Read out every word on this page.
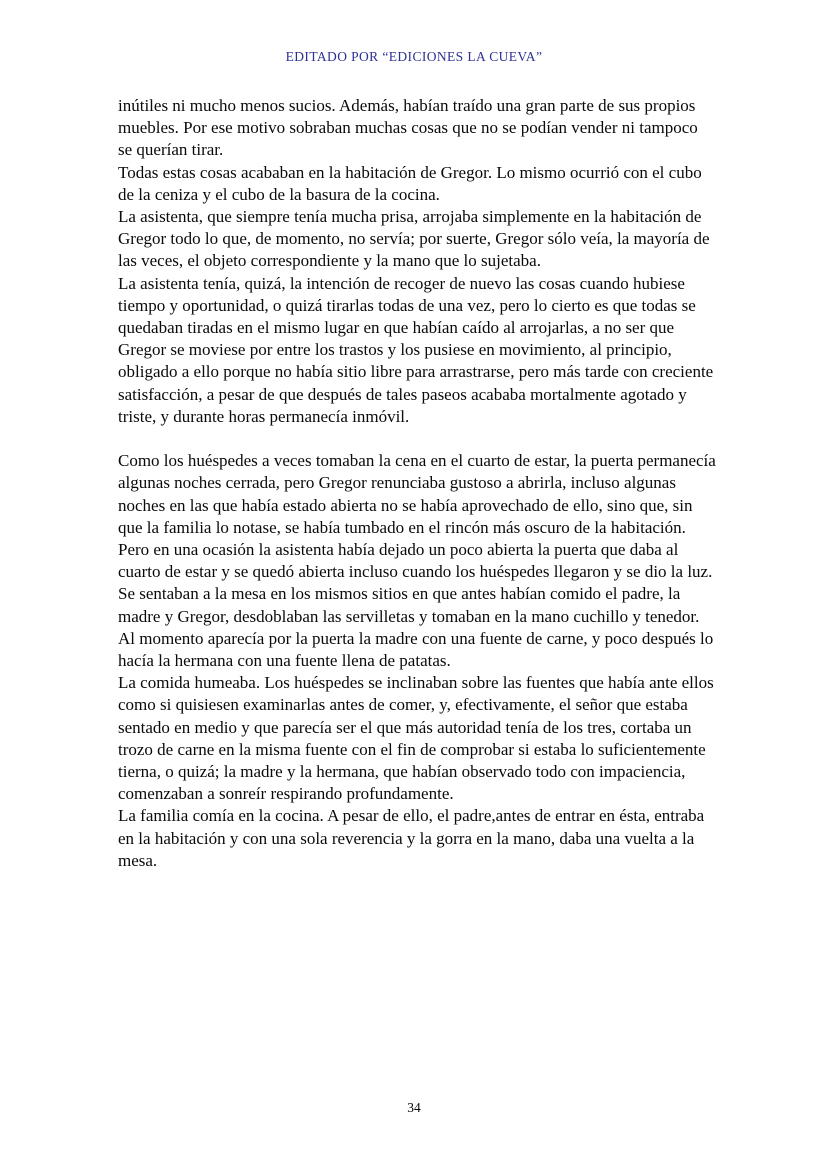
EDITADO POR “EDICIONES LA CUEVA”

inútiles ni mucho menos sucios. Además, habían traído una gran parte de sus propios muebles. Por ese motivo sobraban muchas cosas que no se podían vender ni tampoco se querían tirar.

Todas estas cosas acababan en la habitación de Gregor. Lo mismo ocurrió con el cubo de la ceniza y el cubo de la basura de la cocina.

La asistenta, que siempre tenía mucha prisa, arrojaba simplemente en la habitación de Gregor todo lo que, de momento, no servía; por suerte, Gregor sólo veía, la mayoría de las veces, el objeto correspondiente y la mano que lo sujetaba.

La asistenta tenía, quizá, la intención de recoger de nuevo las cosas cuando hubiese tiempo y oportunidad, o quizá tirarlas todas de una vez, pero lo cierto es que todas se quedaban tiradas en el mismo lugar en que habían caído al arrojarlas, a no ser que Gregor se moviese por entre los trastos y los pusiese en movimiento, al principio, obligado a ello porque no había sitio libre para arrastrarse, pero más tarde con creciente satisfacción, a pesar de que después de tales paseos acababa mortalmente agotado y triste, y durante horas permanecía inmóvil.

Como los huéspedes a veces tomaban la cena en el cuarto de estar, la puerta permanecía algunas noches cerrada, pero Gregor renunciaba gustoso a abrirla, incluso algunas noches en las que había estado abierta no se había aprovechado de ello, sino que, sin que la familia lo notase, se había tumbado en el rincón más oscuro de la habitación.

Pero en una ocasión la asistenta había dejado un poco abierta la puerta que daba al cuarto de estar y se quedó abierta incluso cuando los huéspedes llegaron y se dio la luz.

Se sentaban a la mesa en los mismos sitios en que antes habían comido el padre, la madre y Gregor, desdoblaban las servilletas y tomaban en la mano cuchillo y tenedor. Al momento aparecía por la puerta la madre con una fuente de carne, y poco después lo hacía la hermana con una fuente llena de patatas.

La comida humeaba. Los huéspedes se inclinaban sobre las fuentes que había ante ellos como si quisiesen examinarlas antes de comer, y, efectivamente, el señor que estaba sentado en medio y que parecía ser el que más autoridad tenía de los tres, cortaba un trozo de carne en la misma fuente con el fin de comprobar si estaba lo suficientemente tierna, o quizá; la madre y la hermana, que habían observado todo con impaciencia, comenzaban a sonreír respirando profundamente.

La familia comía en la cocina. A pesar de ello, el padre,antes de entrar en ésta, entraba en la habitación y con una sola reverencia y la gorra en la mano, daba una vuelta a la mesa.

34
